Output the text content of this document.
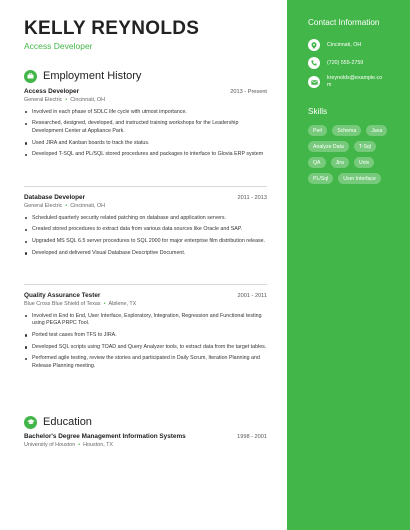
KELLY REYNOLDS
Access Developer
Employment History
Access Developer	2013 - Present
General Electric • Cincinnati, OH
Involved in each phase of SDLC life cycle with utmost importance.
Researched, designed, developed, and instructed training workshops for the Leadership Development Center at Appliance Park.
Used JIRA and Kanban boards to track the status.
Developed T-SQL and PL/SQL stored procedures and packages to interface to Glovia ERP system
Database Developer	2011 - 2013
General Electric • Cincinnati, OH
Scheduled quarterly security related patching on database and application servers.
Created stored procedures to extract data from various data sources like Oracle and SAP.
Upgraded MS SQL 6.5 server procedures to SQL 2000 for major enterprise film distribution release.
Developed and delivered Visual Database Descriptive Document.
Quality Assurance Tester	2001 - 2011
Blue Cross Blue Shield of Texas • Abilene, TX
Involved in End to End, User Interface, Exploratory, Integration, Regression and Functional testing using PEGA PRPC Tool.
Ported test cases from TFS to JIRA.
Developed SQL scripts using TOAD and Query Analyzer tools, to extract data from the target tables.
Performed agile testing, review the stories and participated in Daily Scrum, Iteration Planning and Release Planning meeting.
Education
Bachelor's Degree Management Information Systems	1998 - 2001
University of Houston • Houston, TX
Contact Information
Cincinnati, OH
(720) 555-2759
kreynolds@example.co
m
Skills
Perl	Schema	Java
Analyze Data	T-Sql
QA	Jira	Unix
PL/Sql	User Interface
